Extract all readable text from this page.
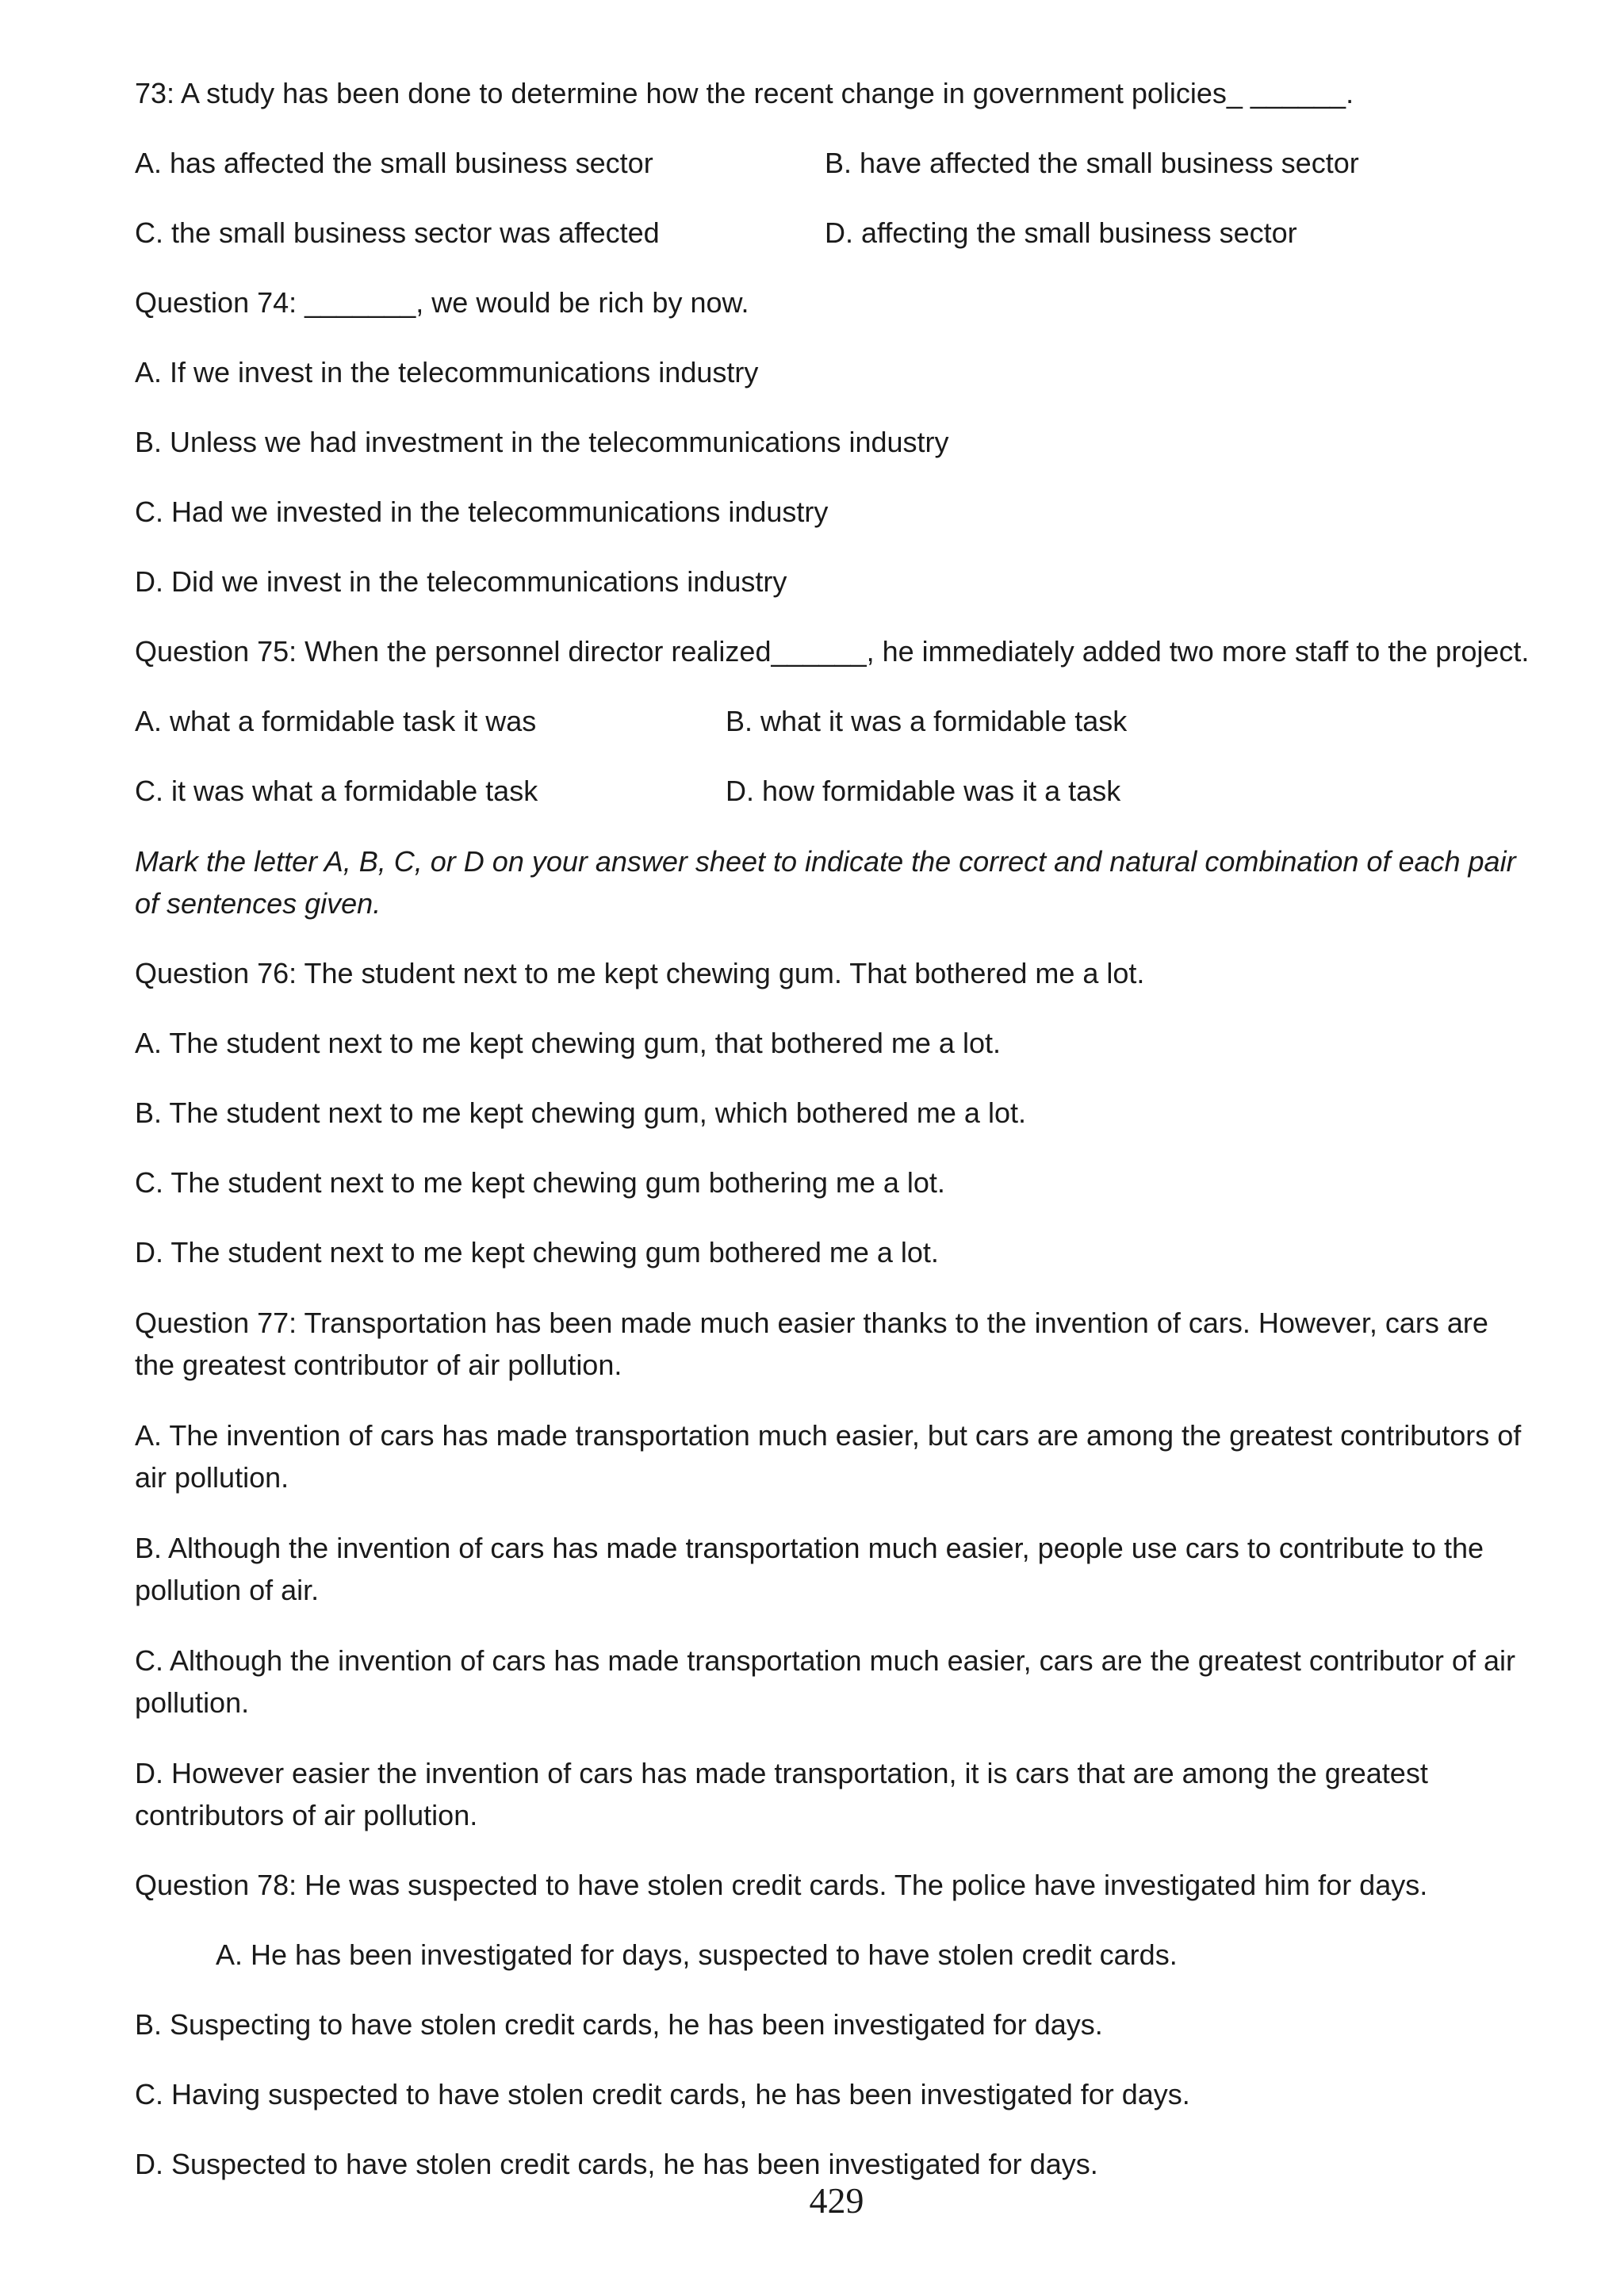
73: A study has been done to determine how the recent change in government policies_ ______.
A. has affected the small business sector	B. have affected the small business sector
C. the small business sector was affected	D. affecting the small business sector
Question 74: _______, we would be rich by now.
A. If we invest in the telecommunications industry
B. Unless we had investment in the telecommunications industry
C. Had we invested in the telecommunications industry
D. Did we invest in the telecommunications industry
Question 75: When the personnel director realized______, he immediately added two more staff to the project.
A. what a formidable task it was	B. what it was a formidable task
C. it was what a formidable task	D. how formidable was it a task
Mark the letter A, B, C, or D on your answer sheet to indicate the correct and natural combination of each pair of sentences given.
Question 76: The student next to me kept chewing gum. That bothered me a lot.
A. The student next to me kept chewing gum, that bothered me a lot.
B. The student next to me kept chewing gum, which bothered me a lot.
C. The student next to me kept chewing gum bothering me a lot.
D. The student next to me kept chewing gum bothered me a lot.
Question 77: Transportation has been made much easier thanks to the invention of cars. However, cars are the greatest contributor of air pollution.
A. The invention of cars has made transportation much easier, but cars are among the greatest contributors of air pollution.
B. Although the invention of cars has made transportation much easier, people use cars to contribute to the pollution of air.
C. Although the invention of cars has made transportation much easier, cars are the greatest contributor of air pollution.
D. However easier the invention of cars has made transportation, it is cars that are among the greatest contributors of air pollution.
Question 78: He was suspected to have stolen credit cards. The police have investigated him for days.
A. He has been investigated for days, suspected to have stolen credit cards.
B. Suspecting to have stolen credit cards, he has been investigated for days.
C. Having suspected to have stolen credit cards, he has been investigated for days.
D. Suspected to have stolen credit cards, he has been investigated for days.
429
